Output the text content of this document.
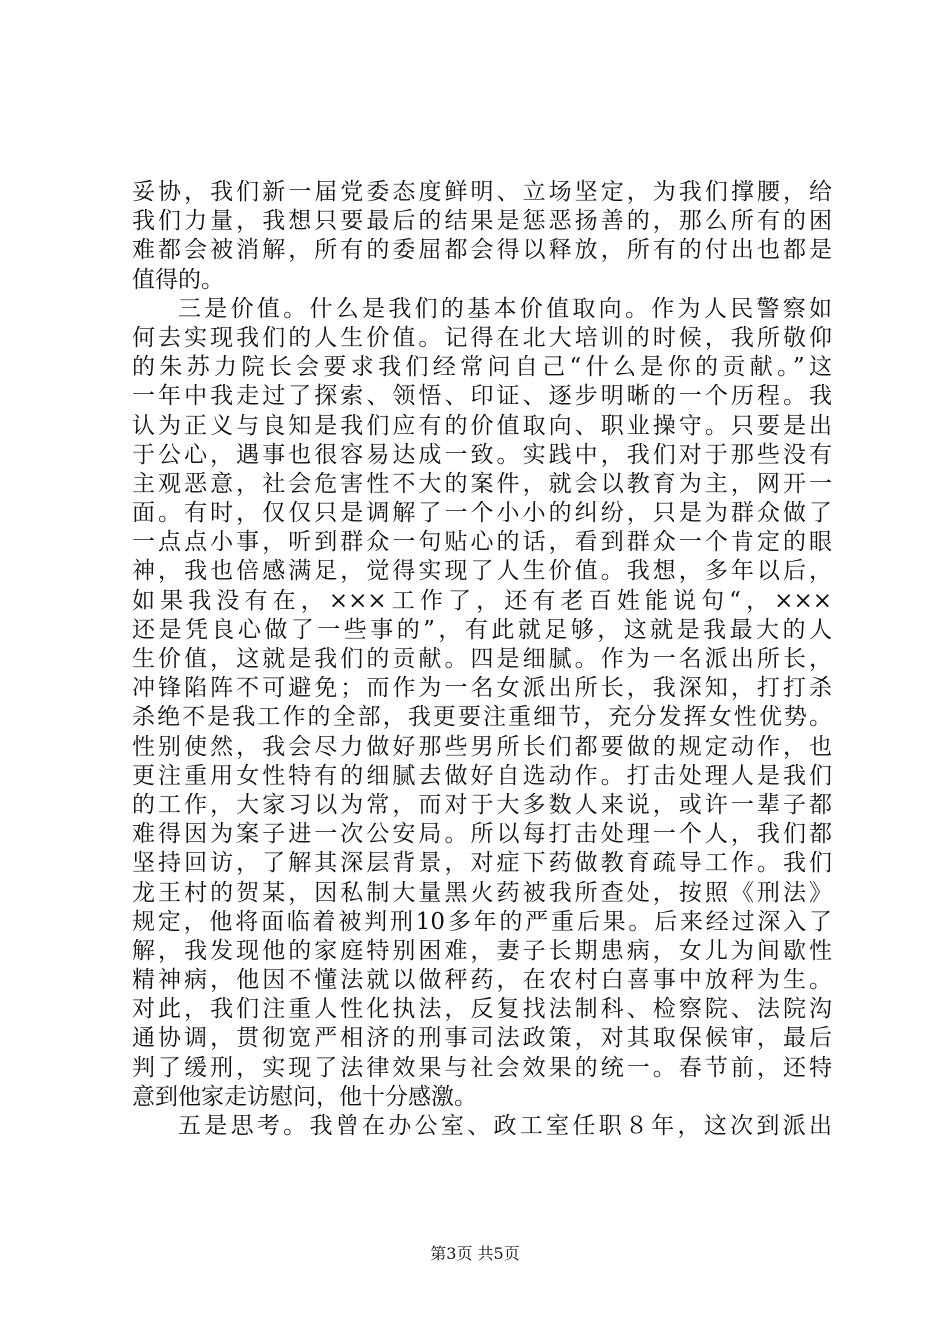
妥协，我们新一届党委态度鲜明、立场坚定，为我们撑腰，给
我们力量，我想只要最后的结果是惩恶扬善的，那么所有的困
难都会被消解，所有的委屈都会得以释放，所有的付出也都是
值得的。
三是价值。什么是我们的基本价值取向。作为人民警察如
何去实现我们的人生价值。记得在北大培训的时候，我所敬仰
的朱苏力院长会要求我们经常问自己“什么是你的贡献。”这
一年中我走过了探索、领悟、印证、逐步明晰的一个历程。我
认为正义与良知是我们应有的价值取向、职业操守。只要是出
于公心，遇事也很容易达成一致。实践中，我们对于那些没有
主观恶意，社会危害性不大的案件，就会以教育为主，网开一
面。有时，仅仅只是调解了一个小小的纠纷，只是为群众做了
一点点小事，听到群众一句贴心的话，看到群众一个肯定的眼
神，我也倍感满足，觉得实现了人生价值。我想，多年以后，
如果我没有在，×××工作了，还有老百姓能说句“，×××
还是凭良心做了一些事的”，有此就足够，这就是我最大的人
生价值，这就是我们的贡献。四是细腻。作为一名派出所长，
冲锋陷阵不可避免；而作为一名女派出所长，我深知，打打杀
杀绝不是我工作的全部，我更要注重细节，充分发挥女性优势。
性别使然，我会尽力做好那些男所长们都要做的规定动作，也
更注重用女性特有的细腻去做好自选动作。打击处理人是我们
的工作，大家习以为常，而对于大多数人来说，或许一辈子都
难得因为案子进一次公安局。所以每打击处理一个人，我们都
坚持回访，了解其深层背景，对症下药做教育疏导工作。我们
龙王村的贺某，因私制大量黑火药被我所查处，按照《刑法》
规定，他将面临着被判刑10多年的严重后果。后来经过深入了
解，我发现他的家庭特别困难，妻子长期患病，女儿为间歇性
精神病，他因不懂法就以做秤药，在农村白喜事中放秤为生。
对此，我们注重人性化执法，反复找法制科、检察院、法院沟
通协调，贯彻宽严相济的刑事司法政策，对其取保候审，最后
判了缓刑，实现了法律效果与社会效果的统一。春节前，还特
意到他家走访慰问，他十分感激。
五是思考。我曾在办公室、政工室任职８年，这次到派出
第3页 共5页
